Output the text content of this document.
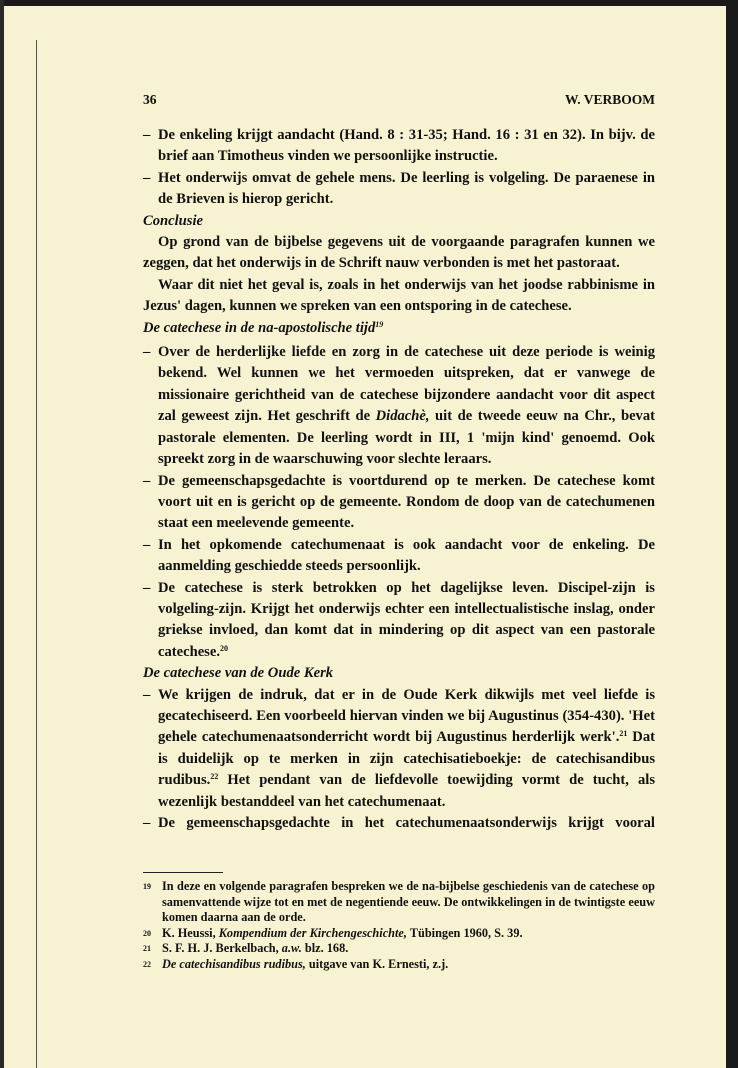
36	W. VERBOOM
– De enkeling krijgt aandacht (Hand. 8 : 31-35; Hand. 16 : 31 en 32). In bijv. de brief aan Timotheus vinden we persoonlijke instructie.
– Het onderwijs omvat de gehele mens. De leerling is volgeling. De paraenese in de Brieven is hierop gericht.

Conclusie

Op grond van de bijbelse gegevens uit de voorgaande paragrafen kunnen we zeggen, dat het onderwijs in de Schrift nauw verbonden is met het pastoraat.

Waar dit niet het geval is, zoals in het onderwijs van het joodse rabbinisme in Jezus' dagen, kunnen we spreken van een ontsporing in de catechese.

De catechese in de na-apostolische tijd$^{19}$

– Over de herderlijke liefde en zorg in de catechese uit deze periode is weinig bekend. Wel kunnen we het vermoeden uitspreken, dat er vanwege de missionaire gerichtheid van de catechese bijzondere aandacht voor dit aspect zal geweest zijn. Het geschrift de Didachè, uit de tweede eeuw na Chr., bevat pastorale elementen. De leerling wordt in III, 1 'mijn kind' genoemd. Ook spreekt zorg in de waarschuwing voor slechte leraars.
– De gemeenschapsgedachte is voortdurend op te merken. De catechese komt voort uit en is gericht op de gemeente. Rondom de doop van de catechumenen staat een meelevende gemeente.
– In het opkomende catechumenaat is ook aandacht voor de enkeling. De aanmelding geschiedde steeds persoonlijk.
– De catechese is sterk betrokken op het dagelijkse leven. Discipel-zijn is volgeling-zijn. Krijgt het onderwijs echter een intellectualistische inslag, onder griekse invloed, dan komt dat in mindering op dit aspect van een pastorale catechese.$^{20}$

De catechese van de Oude Kerk

– We krijgen de indruk, dat er in de Oude Kerk dikwijls met veel liefde is gecatechiseerd. Een voorbeeld hiervan vinden we bij Augustinus (354-430). 'Het gehele catechumenaatsonderricht wordt bij Augustinus herderlijk werk'.$^{21}$ Dat is duidelijk op te merken in zijn catechisatieboekje: de catechisandibus rudibus.$^{22}$ Het pendant van de liefdevolle toewijding vormt de tucht, als wezenlijk bestanddeel van het catechumenaat.
– De gemeenschapsgedachte in het catechumenaatsonderwijs krijgt vooral
19 In deze en volgende paragrafen bespreken we de na-bijbelse geschiedenis van de catechese op samenvattende wijze tot en met de negentiende eeuw. De ontwikkelingen in de twintigste eeuw komen daarna aan de orde.
20 K. Heussi, Kompendium der Kirchengeschichte, Tübingen 1960, S. 39.
21 S. F. H. J. Berkelbach, a.w. blz. 168.
22 De catechisandibus rudibus, uitgave van K. Ernesti, z.j.
